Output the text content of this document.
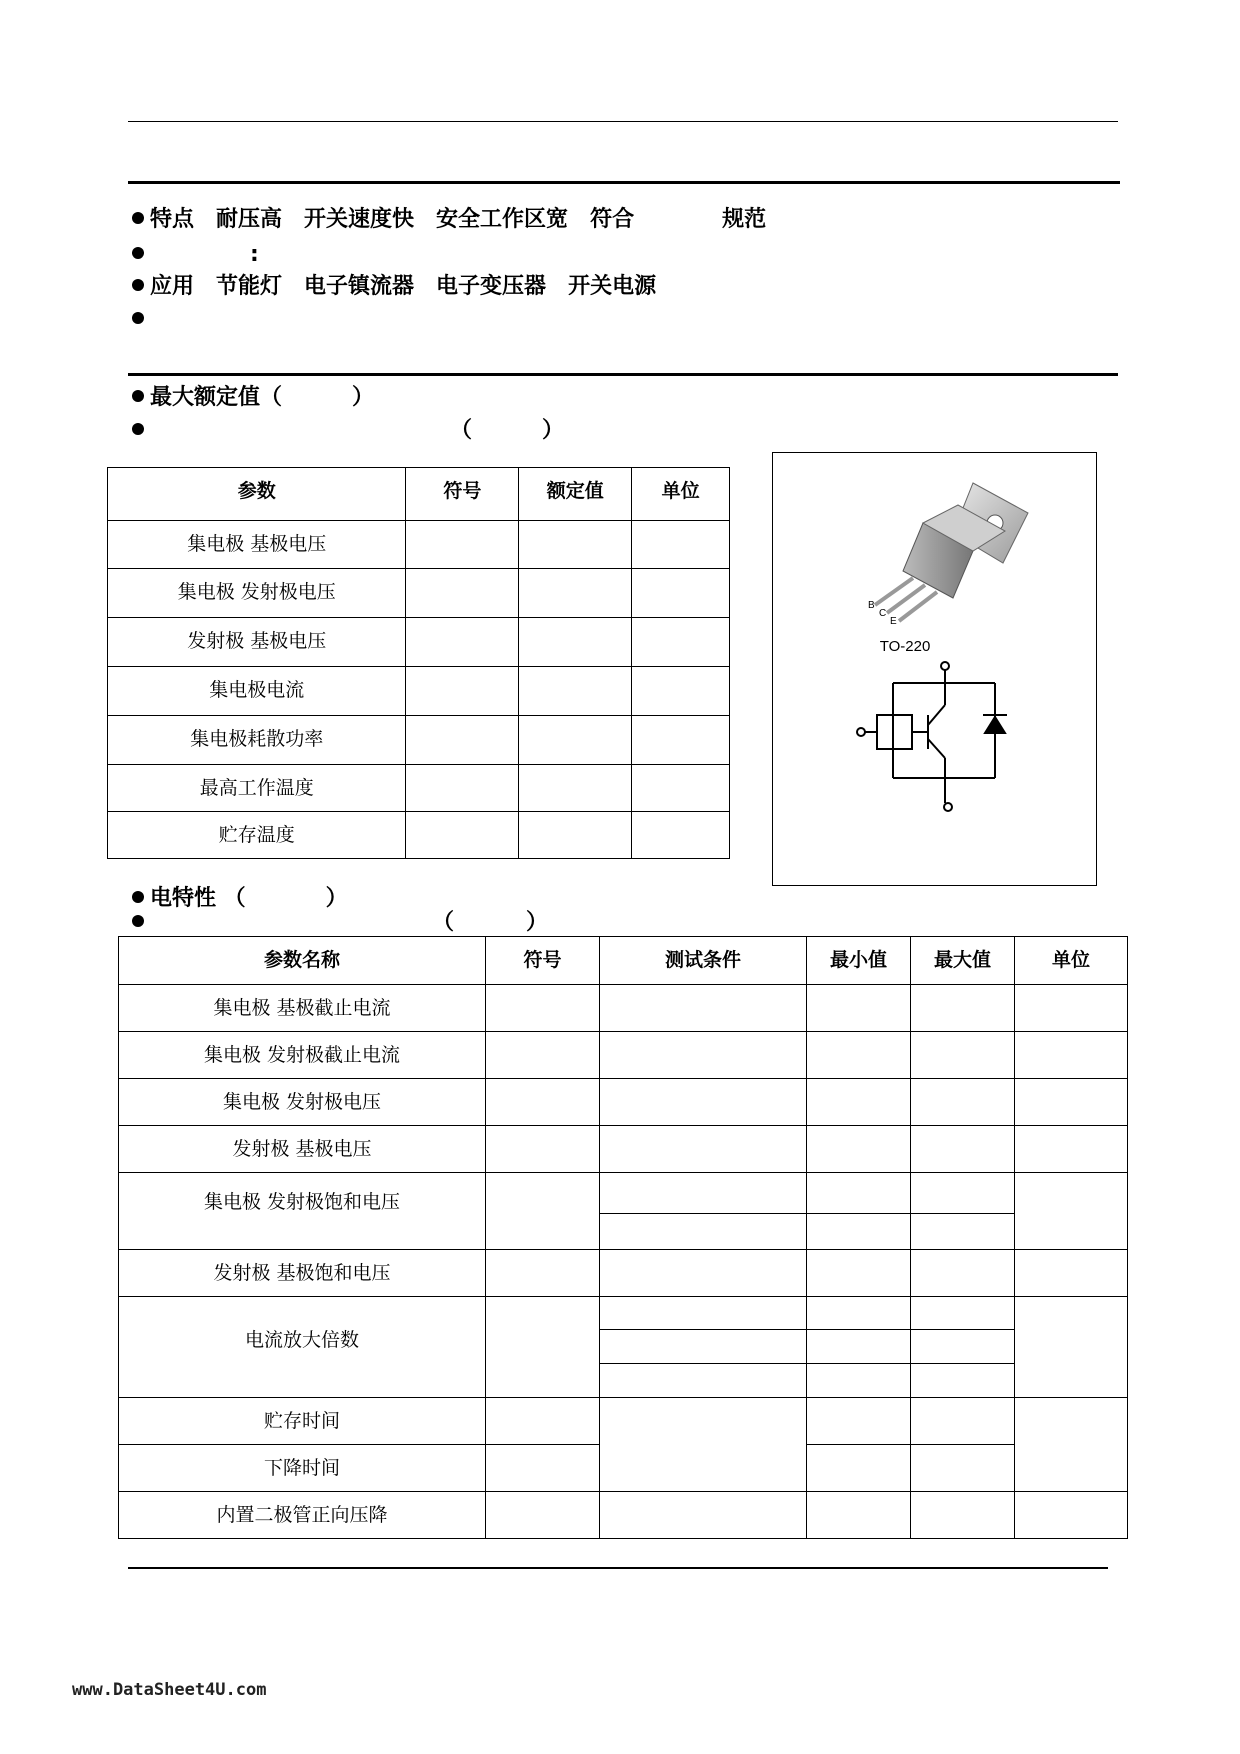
特点 耐压高 开关速度快 安全工作区宽 符合	规范
:
应用 节能灯 电子镇流器 电子变压器 开关电源
最大额定值（	）
（	）
参数	符号	额定值	单位
集电极 基极电压			
集电极 发射极电压			
发射极 基极电压			
集电极电流			
集电极耗散功率			
最高工作温度			
贮存温度			
B
C
E
TO-220
电特性 （	）
（	）
参数名称	符号	测试条件	最小值	最大值	单位
集电极 基极截止电流					
集电极 发射极截止电流					
集电极 发射极电压					
发射极 基极电压					
集电极 发射极饱和电压					

发射极 基极饱和电压					
电流放大倍数					

贮存时间					
下降时间					
内置二极管正向压降					
www.DataSheet4U.com
